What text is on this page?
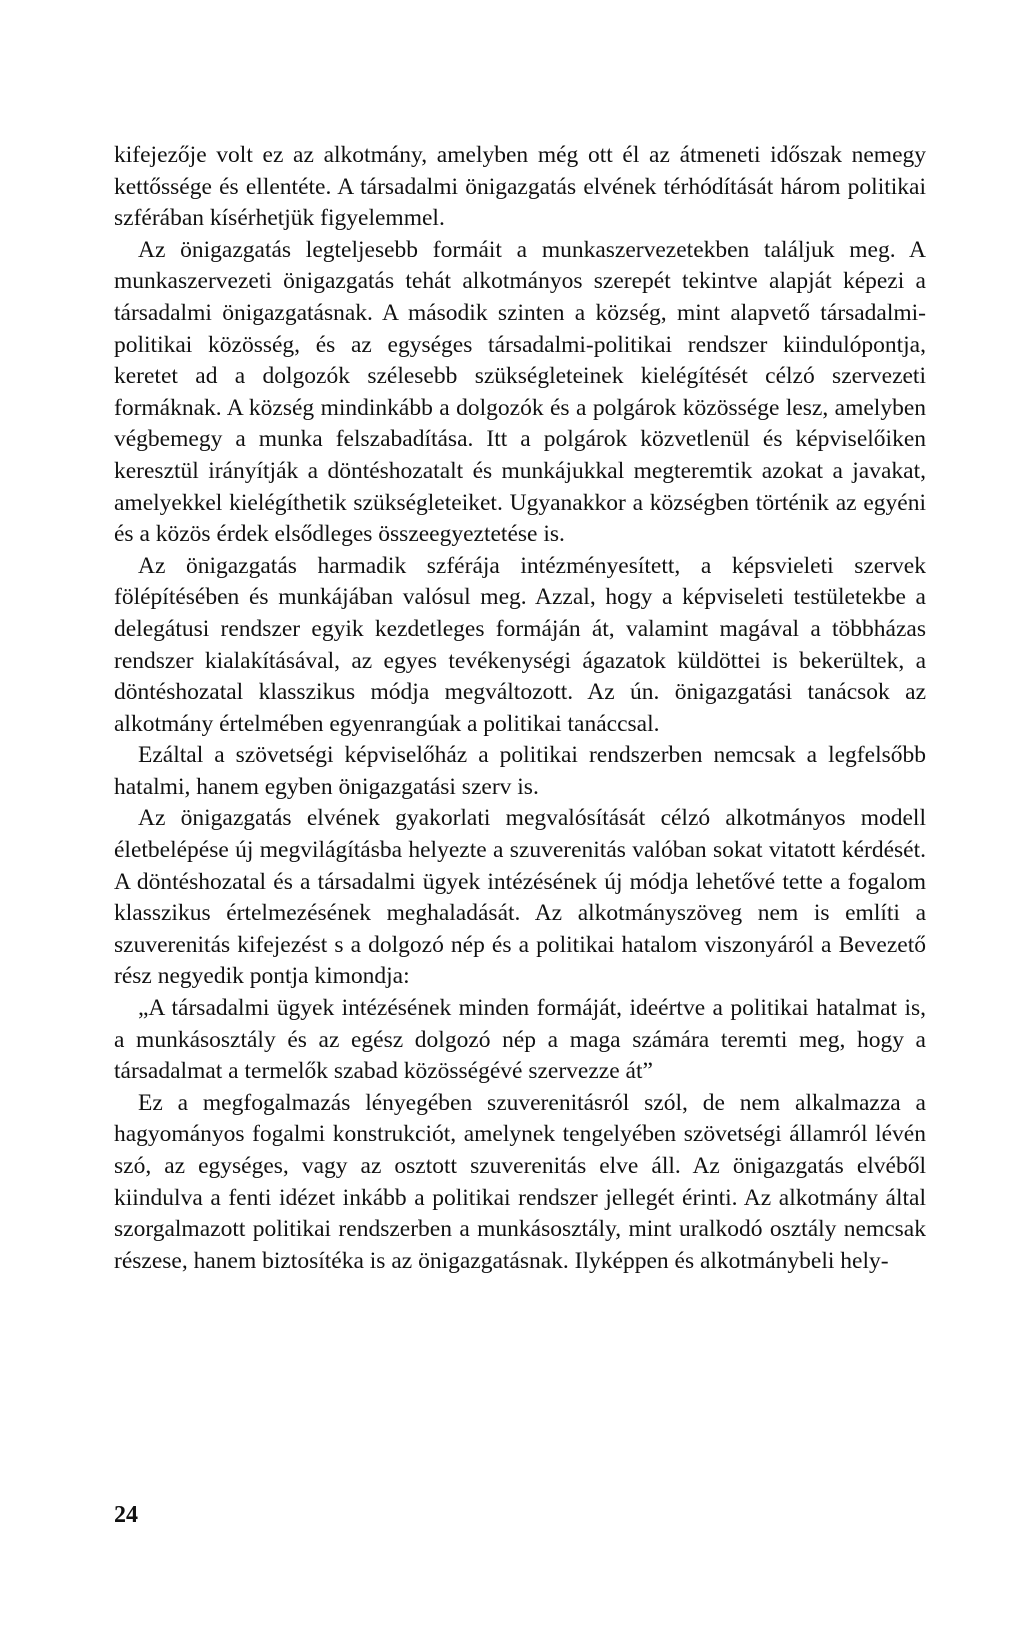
kifejezője volt ez az alkotmány, amelyben még ott él az átmeneti időszak nemegy kettőssége és ellentéte. A társadalmi önigazgatás elvének térhódítását három politikai szférában kísérhetjük figyelemmel.

Az önigazgatás legteljesebb formáit a munkaszervezetekben találjuk meg. A munkaszervezeti önigazgatás tehát alkotmányos szerepét tekintve alapját képezi a társadalmi önigazgatásnak. A második szinten a község, mint alapvető társadalmi-politikai közösség, és az egységes társadalmi-politikai rendszer kiindulópontja, keretet ad a dolgozók szélesebb szükségleteinek kielégítését célzó szervezeti formáknak. A község mindinkább a dolgozók és a polgárok közössége lesz, amelyben végbemegy a munka felszabadítása. Itt a polgárok közvetlenül és képviselőiken keresztül irányítják a döntéshozatalt és munkájukkal megteremtik azokat a javakat, amelyekkel kielégíthetik szükségleteiket. Ugyanakkor a községben történik az egyéni és a közös érdek elsődleges összeegyeztetése is.

Az önigazgatás harmadik szférája intézményesített, a képsvieleti szervek fölépítésében és munkájában valósul meg. Azzal, hogy a képviseleti testületekbe a delegátusi rendszer egyik kezdetleges formáján át, valamint magával a többházas rendszer kialakításával, az egyes tevékenységi ágazatok küldöttei is bekerültek, a döntéshozatal klasszikus módja megváltozott. Az ún. önigazgatási tanácsok az alkotmány értelmében egyenrangúak a politikai tanáccsal.

Ezáltal a szövetségi képviselőház a politikai rendszerben nemcsak a legfelsőbb hatalmi, hanem egyben önigazgatási szerv is.

Az önigazgatás elvének gyakorlati megvalósítását célzó alkotmányos modell életbelépése új megvilágításba helyezte a szuverenitás valóban sokat vitatott kérdését. A döntéshozatal és a társadalmi ügyek intézésének új módja lehetővé tette a fogalom klasszikus értelmezésének meghaladását. Az alkotmányszöveg nem is említi a szuverenitás kifejezést s a dolgozó nép és a politikai hatalom viszonyáról a Bevezető rész negyedik pontja kimondja:

„A társadalmi ügyek intézésének minden formáját, ideértve a politikai hatalmat is, a munkásosztály és az egész dolgozó nép a maga számára teremti meg, hogy a társadalmat a termelők szabad közösségévé szervezze át”

Ez a megfogalmazás lényegében szuverenitásról szól, de nem alkalmazza a hagyományos fogalmi konstrukciót, amelynek tengelyében szövetségi államról lévén szó, az egységes, vagy az osztott szuverenitás elve áll. Az önigazgatás elvéből kiindulva a fenti idézet inkább a politikai rendszer jellegét érinti. Az alkotmány által szorgalmazott politikai rendszerben a munkásosztály, mint uralkodó osztály nemcsak részese, hanem biztosítéka is az önigazgatásnak. Ilyképpen és alkotmánybeli hely-

24
